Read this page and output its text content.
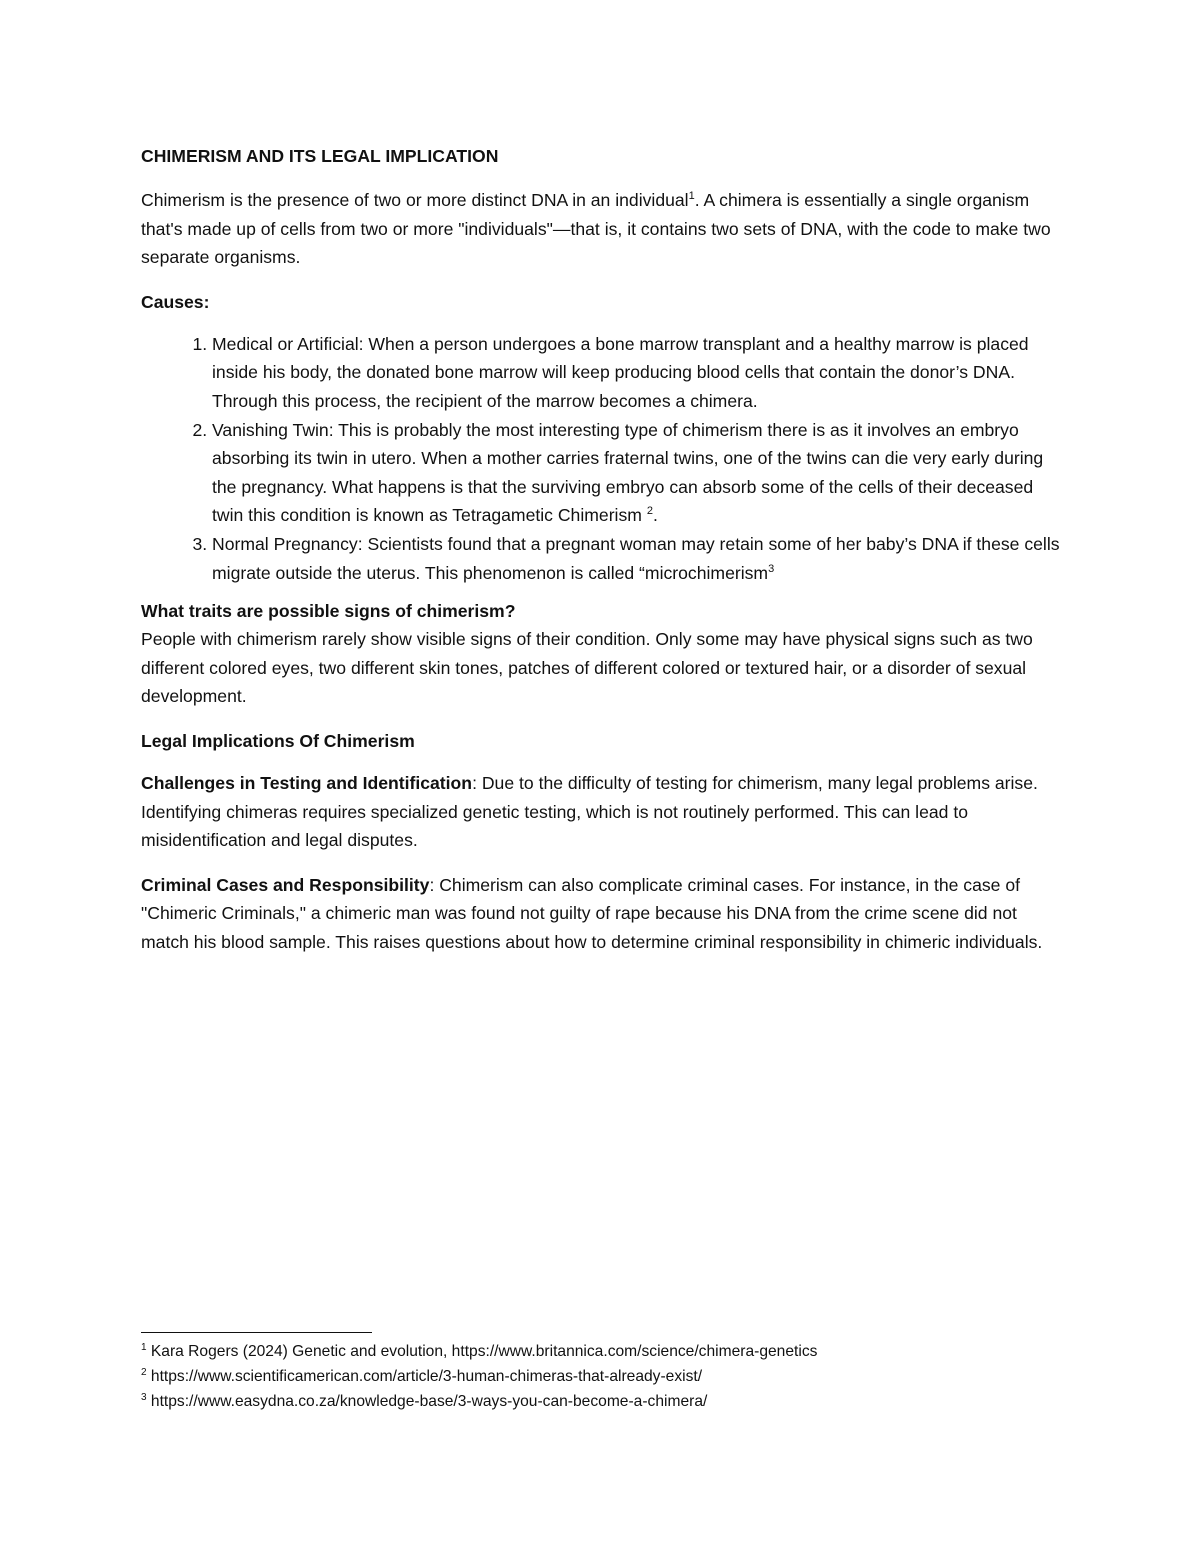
CHIMERISM AND ITS LEGAL IMPLICATION

Chimerism is the presence of two or more distinct DNA in an individual$^1$. A chimera is essentially a single organism that's made up of cells from two or more "individuals"—that is, it contains two sets of DNA, with the code to make two separate organisms.

Causes:
1. Medical or Artificial: When a person undergoes a bone marrow transplant and a healthy marrow is placed inside his body, the donated bone marrow will keep producing blood cells that contain the donor’s DNA. Through this process, the recipient of the marrow becomes a chimera.
2. Vanishing Twin: This is probably the most interesting type of chimerism there is as it involves an embryo absorbing its twin in utero. When a mother carries fraternal twins, one of the twins can die very early during the pregnancy. What happens is that the surviving embryo can absorb some of the cells of their deceased twin this condition is known as Tetragametic Chimerism $^2$.
3. Normal Pregnancy: Scientists found that a pregnant woman may retain some of her baby’s DNA if these cells migrate outside the uterus. This phenomenon is called “microchimerism$^3$
What traits are possible signs of chimerism?

People with chimerism rarely show visible signs of their condition. Only some may have physical signs such as two different colored eyes, two different skin tones, patches of different colored or textured hair, or a disorder of sexual development.

Legal Implications Of Chimerism

Challenges in Testing and Identification: Due to the difficulty of testing for chimerism, many legal problems arise. Identifying chimeras requires specialized genetic testing, which is not routinely performed. This can lead to misidentification and legal disputes.

Criminal Cases and Responsibility: Chimerism can also complicate criminal cases. For instance, in the case of "Chimeric Criminals," a chimeric man was found not guilty of rape because his DNA from the crime scene did not match his blood sample. This raises questions about how to determine criminal responsibility in chimeric individuals.

$^1$ Kara Rogers (2024) Genetic and evolution, https://www.britannica.com/science/chimera-genetics

$^2$ https://www.scientificamerican.com/article/3-human-chimeras-that-already-exist/

$^3$ https://www.easydna.co.za/knowledge-base/3-ways-you-can-become-a-chimera/
